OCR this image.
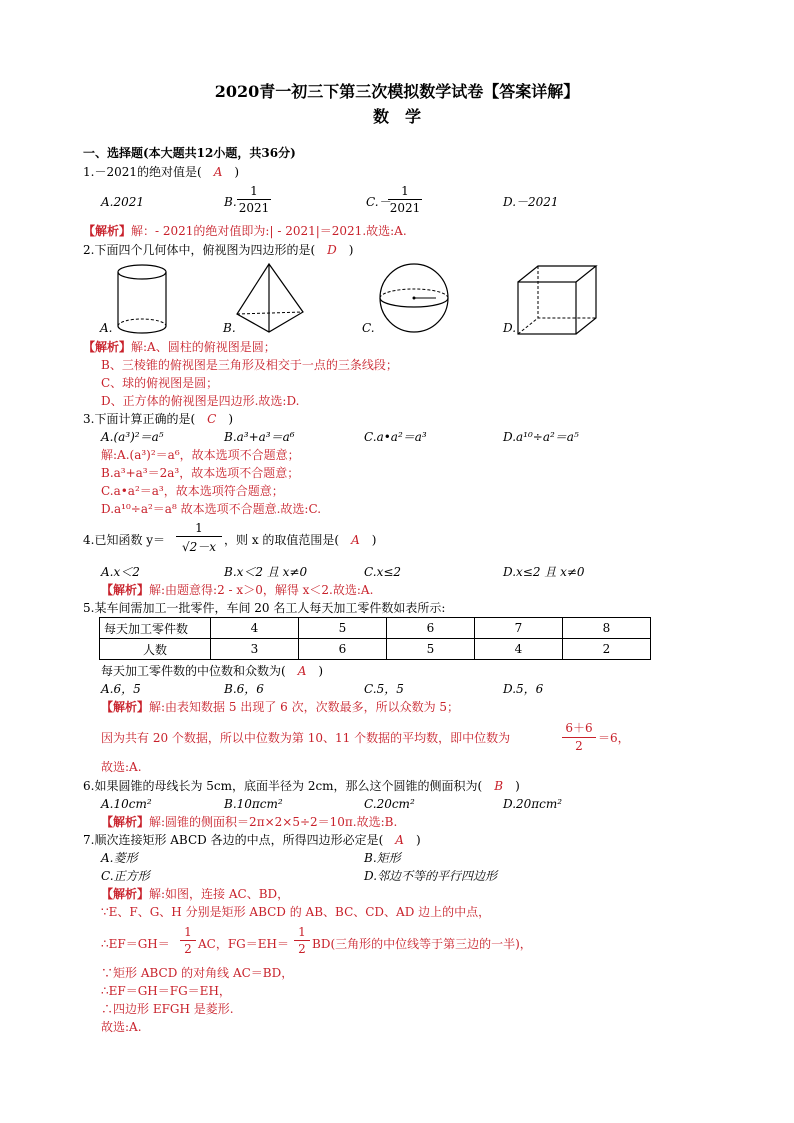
2020青一初三下第三次模拟数学试卷【答案详解】
数　学
一、选择题(本大题共12小题，共36分)
1.－2021的绝对值是(　 A　 )
A.2021	B.
1
2021	C.－
1
2021	D.－2021
【解析】解：- 2021的绝对值即为:| - 2021|＝2021.故选:A.
2.下面四个几何体中，俯视图为四边形的是(　 D　 )
A.	B.	C.	D.
【解析】解:A、圆柱的俯视图是圆；
B、三棱锥的俯视图是三角形及相交于一点的三条线段；
C、球的俯视图是圆；
D、正方体的俯视图是四边形.故选:D.
3.下面计算正确的是(　 C　 )
A.(a³)²＝a⁵	B.a³+a³＝a⁶	C.a•a²＝a³	D.a¹⁰÷a²＝a⁵
解:A.(a³)²＝a⁶，故本选项不合题意；
B.a³+a³＝2a³，故本选项不合题意；
C.a•a²＝a³，故本选项符合题意；
D.a¹⁰÷a²＝a⁸ 故本选项不合题意.故选:C.
4.已知函数 y＝
1
√2－x ，则 x 的取值范围是(　 A　 )
A.x＜2	B.x＜2 且 x≠0	C.x≤2	D.x≤2 且 x≠0
【解析】解:由题意得:2 - x＞0，解得 x＜2.故选:A.
5.某车间需加工一批零件，车间 20 名工人每天加工零件数如表所示:
每天加工零件数	4	5	6	7	8
人数	3	6	5	4	2
每天加工零件数的中位数和众数为(　 A　 )
A.6，5	B.6，6	C.5，5	D.5，6
【解析】解:由表知数据 5 出现了 6 次，次数最多，所以众数为 5；
因为共有 20 个数据，所以中位数为第 10、11 个数据的平均数，即中位数为
6＋6
2
＝6，
故选:A.
6.如果圆锥的母线长为 5cm，底面半径为 2cm，那么这个圆锥的侧面积为(　 B　 )
A.10cm²	B.10πcm²	C.20cm²	D.20πcm²
【解析】解:圆锥的侧面积＝2π×2×5÷2＝10π.故选:B.
7.顺次连接矩形 ABCD 各边的中点，所得四边形必定是(　 A　 )
A.菱形	B.矩形
C.正方形	D.邻边不等的平行四边形
【解析】解:如图，连接 AC、BD，
∵E、F、G、H 分别是矩形 ABCD 的 AB、BC、CD、AD 边上的中点，
∴EF＝GH＝
1
2 AC，FG＝EH＝
1
2 BD(三角形的中位线等于第三边的一半)，
∵矩形 ABCD 的对角线 AC＝BD，
∴EF＝GH＝FG＝EH，
∴四边形 EFGH 是菱形.
故选:A.
